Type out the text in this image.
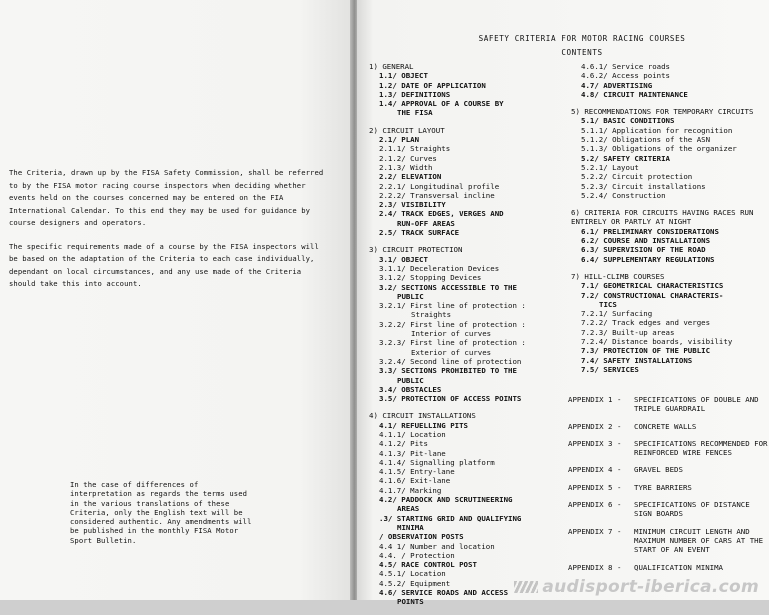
The Criteria, drawn up by the FISA Safety Commission, shall be referred to by the FISA motor racing course inspectors when deciding whether events held on the courses concerned may be entered on the FIA International Calendar. To this end they may be used for guidance by course designers and operators.

The specific requirements made of a course by the FISA inspectors will be based on the adaptation of the Criteria to each case individually, dependant on local circumstances, and any use made of the Criteria should take this into account.

In the case of differences of interpretation as regards the terms used in the various translations of these Criteria, only the English text will be considered authentic. Any amendments will be published in the monthly FISA Motor Sport Bulletin.
SAFETY CRITERIA FOR MOTOR RACING COURSES
CONTENTS
1) GENERAL
1.1/ OBJECT
1.2/ DATE OF APPLICATION
1.3/ DEFINITIONS
1.4/ APPROVAL OF A COURSE BY
THE FISA
2) CIRCUIT LAYOUT
2.1/ PLAN
2.1.1/ Straights
2.1.2/ Curves
2.1.3/ Width
2.2/ ELEVATION
2.2.1/ Longitudinal profile
2.2.2/ Transversal incline
2.3/ VISIBILITY
2.4/ TRACK EDGES, VERGES AND
RUN-OFF AREAS
2.5/ TRACK SURFACE
3) CIRCUIT PROTECTION
3.1/ OBJECT
3.1.1/ Deceleration Devices
3.1.2/ Stopping Devices
3.2/ SECTIONS ACCESSIBLE TO THE
PUBLIC
3.2.1/ First line of protection :
Straights
3.2.2/ First line of protection :
Interior of curves
3.2.3/ First line of protection :
Exterior of curves
3.2.4/ Second line of protection
3.3/ SECTIONS PROHIBITED TO THE
PUBLIC
3.4/ OBSTACLES
3.5/ PROTECTION OF ACCESS POINTS
4) CIRCUIT INSTALLATIONS
4.1/ REFUELLING PITS
4.1.1/ Location
4.1.2/ Pits
4.1.3/ Pit-lane
4.1.4/ Signalling platform
4.1.5/ Entry-lane
4.1.6/ Exit-lane
4.1.7/ Marking
4.2/ PADDOCK AND SCRUTINEERING
AREAS
.3/ STARTING GRID AND QUALIFYING
MINIMA
/ OBSERVATION POSTS
4.4 1/ Number and location
4.4. / Protection
4.5/ RACE CONTROL POST
4.5.1/ Location
4.5.2/ Equipment
4.6/ SERVICE ROADS AND ACCESS
POINTS
4.6.1/ Service roads
4.6.2/ Access points
4.7/ ADVERTISING
4.8/ CIRCUIT MAINTENANCE
5) RECOMMENDATIONS FOR TEMPORARY CIRCUITS
5.1/ BASIC CONDITIONS
5.1.1/ Application for recognition
5.1.2/ Obligations of the ASN
5.1.3/ Obligations of the organizer
5.2/ SAFETY CRITERIA
5.2.1/ Layout
5.2.2/ Circuit protection
5.2.3/ Circuit installations
5.2.4/ Construction
6) CRITERIA FOR CIRCUITS HAVING RACES RUN ENTIRELY OR PARTLY AT NIGHT
6.1/ PRELIMINARY CONSIDERATIONS
6.2/ COURSE AND INSTALLATIONS
6.3/ SUPERVISION OF THE ROAD
6.4/ SUPPLEMENTARY REGULATIONS
7) HILL-CLIMB COURSES
7.1/ GEOMETRICAL CHARACTERISTICS
7.2/ CONSTRUCTIONAL CHARACTERIS-
TICS
7.2.1/ Surfacing
7.2.2/ Track edges and verges
7.2.3/ Built-up areas
7.2.4/ Distance boards, visibility
7.3/ PROTECTION OF THE PUBLIC
7.4/ SAFETY INSTALLATIONS
7.5/ SERVICES
APPENDIX 1 -	SPECIFICATIONS OF DOUBLE AND TRIPLE GUARDRAIL
APPENDIX 2 -	CONCRETE WALLS
APPENDIX 3 -	SPECIFICATIONS RECOMMENDED FOR REINFORCED WIRE FENCES
APPENDIX 4 -	GRAVEL BEDS
APPENDIX 5 -	TYRE BARRIERS
APPENDIX 6 -	SPECIFICATIONS OF DISTANCE SIGN BOARDS
APPENDIX 7 -	MINIMUM CIRCUIT LENGTH AND MAXIMUM NUMBER OF CARS AT THE START OF AN EVENT
APPENDIX 8 -	QUALIFICATION MINIMA
audisport-iberica.com
